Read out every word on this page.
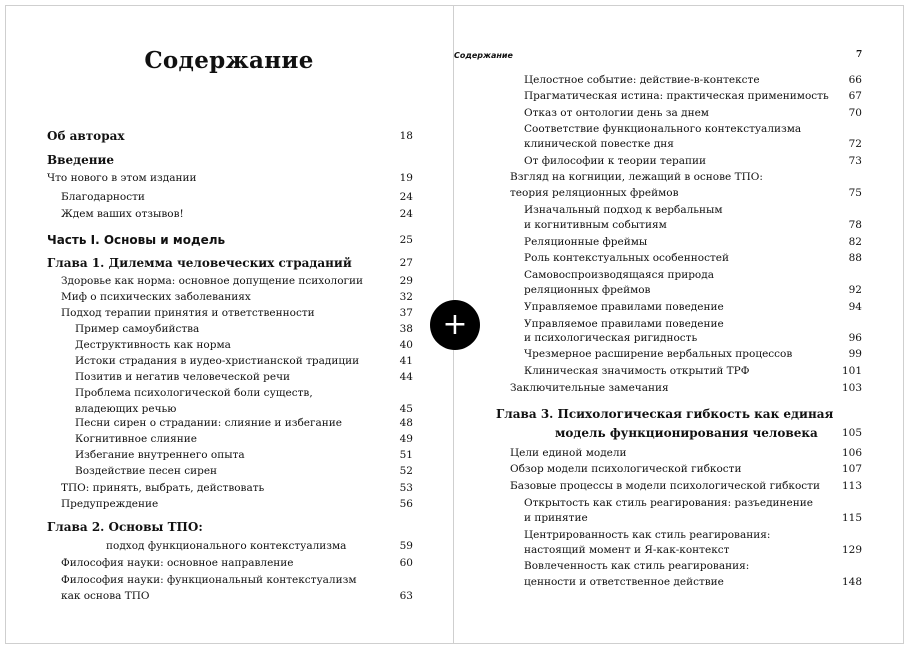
Содержание
Об авторах	18
Введение
Что нового в этом издании	19
Благодарности	24
Ждем ваших отзывов!	24
Часть I. Основы и модель	25
Глава 1. Дилемма человеческих страданий	27
Здоровье как норма: основное допущение психологии	29
Миф о психических заболеваниях	32
Подход терапии принятия и ответственности	37
Пример самоубийства	38
Деструктивность как норма	40
Истоки страдания в иудео-христианской традиции	41
Позитив и негатив человеческой речи	44
Проблема психологической боли существ,
владеющих речью	45
Песни сирен о страдании: слияние и избегание	48
Когнитивное слияние	49
Избегание внутреннего опыта	51
Воздействие песен сирен	52
ТПО: принять, выбрать, действовать	53
Предупреждение	56
Глава 2. Основы ТПО:
подход функционального контекстуализма	59
Философия науки: основное направление	60
Философия науки: функциональный контекстуализм
как основа ТПО	63
Содержание	7
Целостное событие: действие-в-контексте	66
Прагматическая истина: практическая применимость	67
Отказ от онтологии день за днем	70
Соответствие функционального контекстуализма
клинической повестке дня	72
От философии к теории терапии	73
Взгляд на когниции, лежащий в основе ТПО:
теория реляционных фреймов	75
Изначальный подход к вербальным
и когнитивным событиям	78
Реляционные фреймы	82
Роль контекстуальных особенностей	88
Самовоспроизводящаяся природа
реляционных фреймов	92
Управляемое правилами поведение	94
Управляемое правилами поведение
и психологическая ригидность	96
Чрезмерное расширение вербальных процессов	99
Клиническая значимость открытий ТРФ	101
Заключительные замечания	103
Глава 3. Психологическая гибкость как единая
модель функционирования человека	105
Цели единой модели	106
Обзор модели психологической гибкости	107
Базовые процессы в модели психологической гибкости	113
Открытость как стиль реагирования: разъединение
и принятие	115
Центрированность как стиль реагирования:
настоящий момент и Я-как-контекст	129
Вовлеченность как стиль реагирования:
ценности и ответственное действие	148
+
